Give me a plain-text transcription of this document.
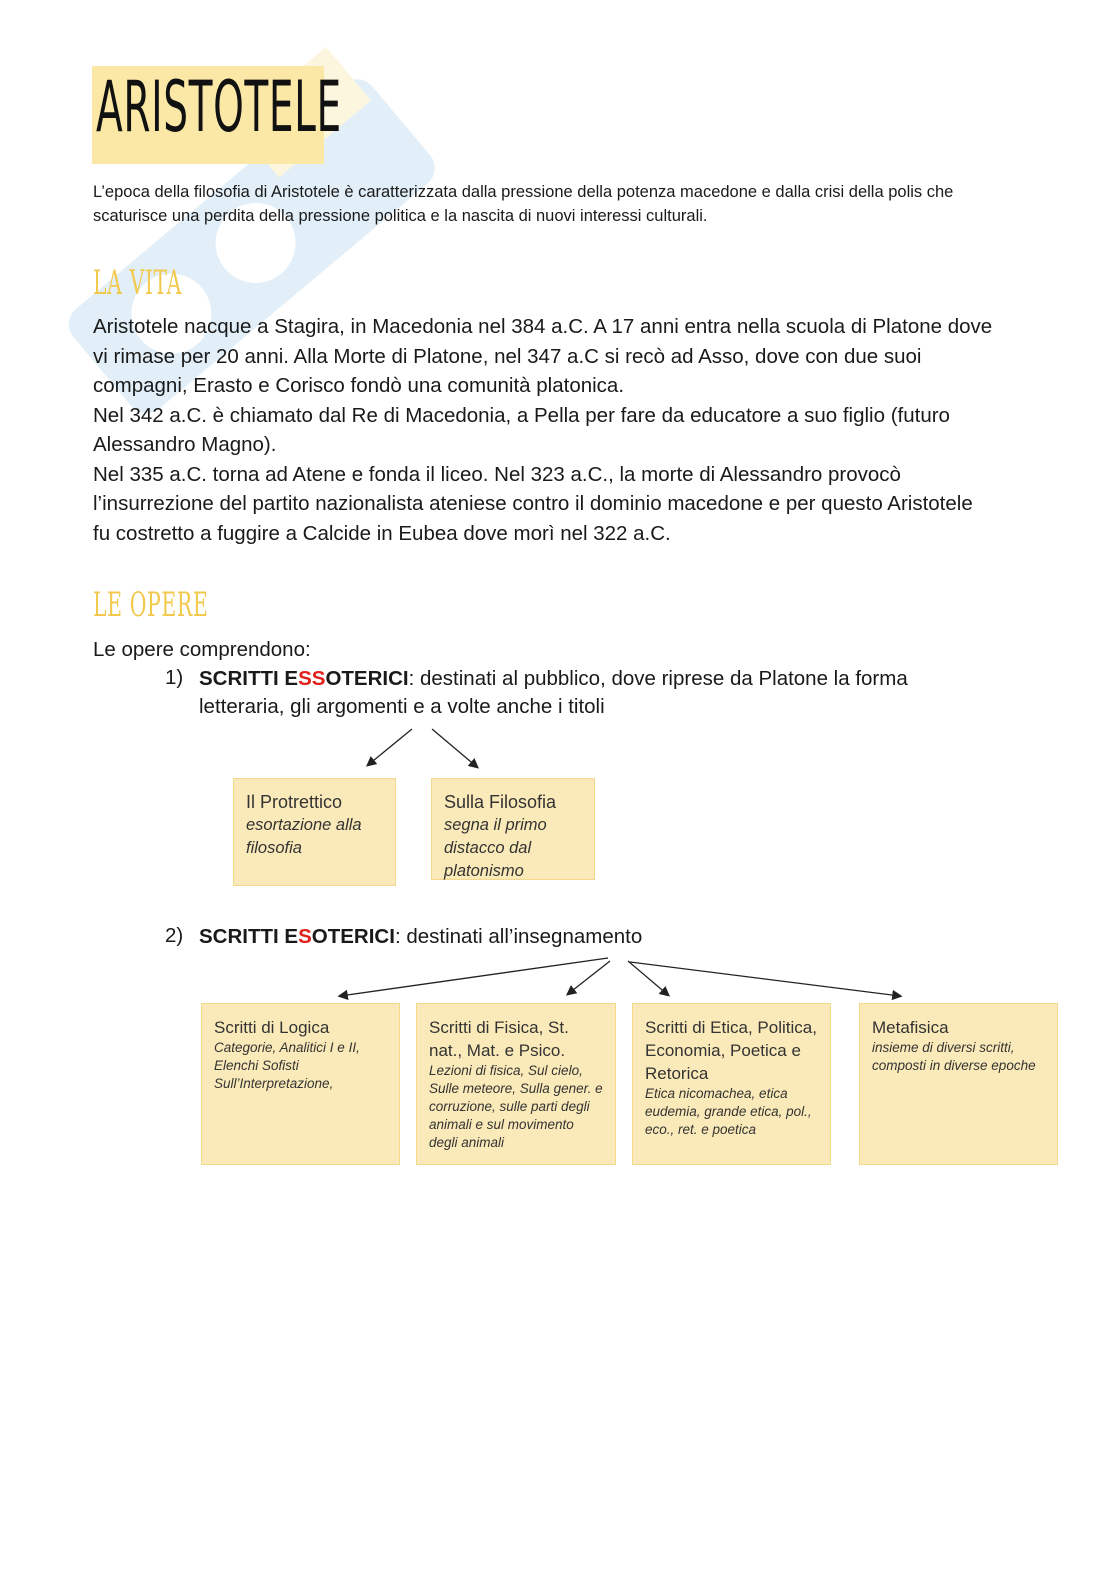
ARISTOTELE
L’epoca della filosofia di Aristotele è caratterizzata dalla pressione della potenza macedone e dalla crisi della polis che scaturisce una perdita della pressione politica e la nascita di nuovi interessi culturali.
LA VITA

Aristotele nacque a Stagira, in Macedonia nel 384 a.C. A 17 anni entra nella scuola di Platone dove vi rimase per 20 anni. Alla Morte di Platone, nel 347 a.C si recò ad Asso, dove con due suoi compagni, Erasto e Corisco fondò una comunità platonica.

Nel 342 a.C. è chiamato dal Re di Macedonia, a Pella per fare da educatore a suo figlio (futuro Alessandro Magno).

Nel 335 a.C. torna ad Atene e fonda il liceo. Nel 323 a.C., la morte di Alessandro provocò l’insurrezione del partito nazionalista ateniese contro il dominio macedone e per questo Aristotele fu costretto a fuggire a Calcide in Eubea dove morì nel 322 a.C.

LE OPERE
Le opere comprendono:
1) SCRITTI ESSOTERICI: destinati al pubblico, dove riprese da Platone la forma letteraria, gli argomenti e a volte anche i titoli
Il Protrettico
esortazione alla filosofia
Sulla Filosofia
segna il primo distacco dal platonismo
2) SCRITTI ESOTERICI: destinati all’insegnamento
Scritti di Logica
Categorie, Analitici I e II, Elenchi Sofisti Sull’Interpretazione,
Scritti di Fisica, St. nat., Mat. e Psico.
Lezioni di fisica, Sul cielo, Sulle meteore, Sulla gener. e corruzione, sulle parti degli animali e sul movimento degli animali
Scritti di Etica, Politica, Economia, Poetica e Retorica
Etica nicomachea, etica eudemia, grande etica, pol., eco., ret. e poetica
Metafisica
insieme di diversi scritti, composti in diverse epoche
